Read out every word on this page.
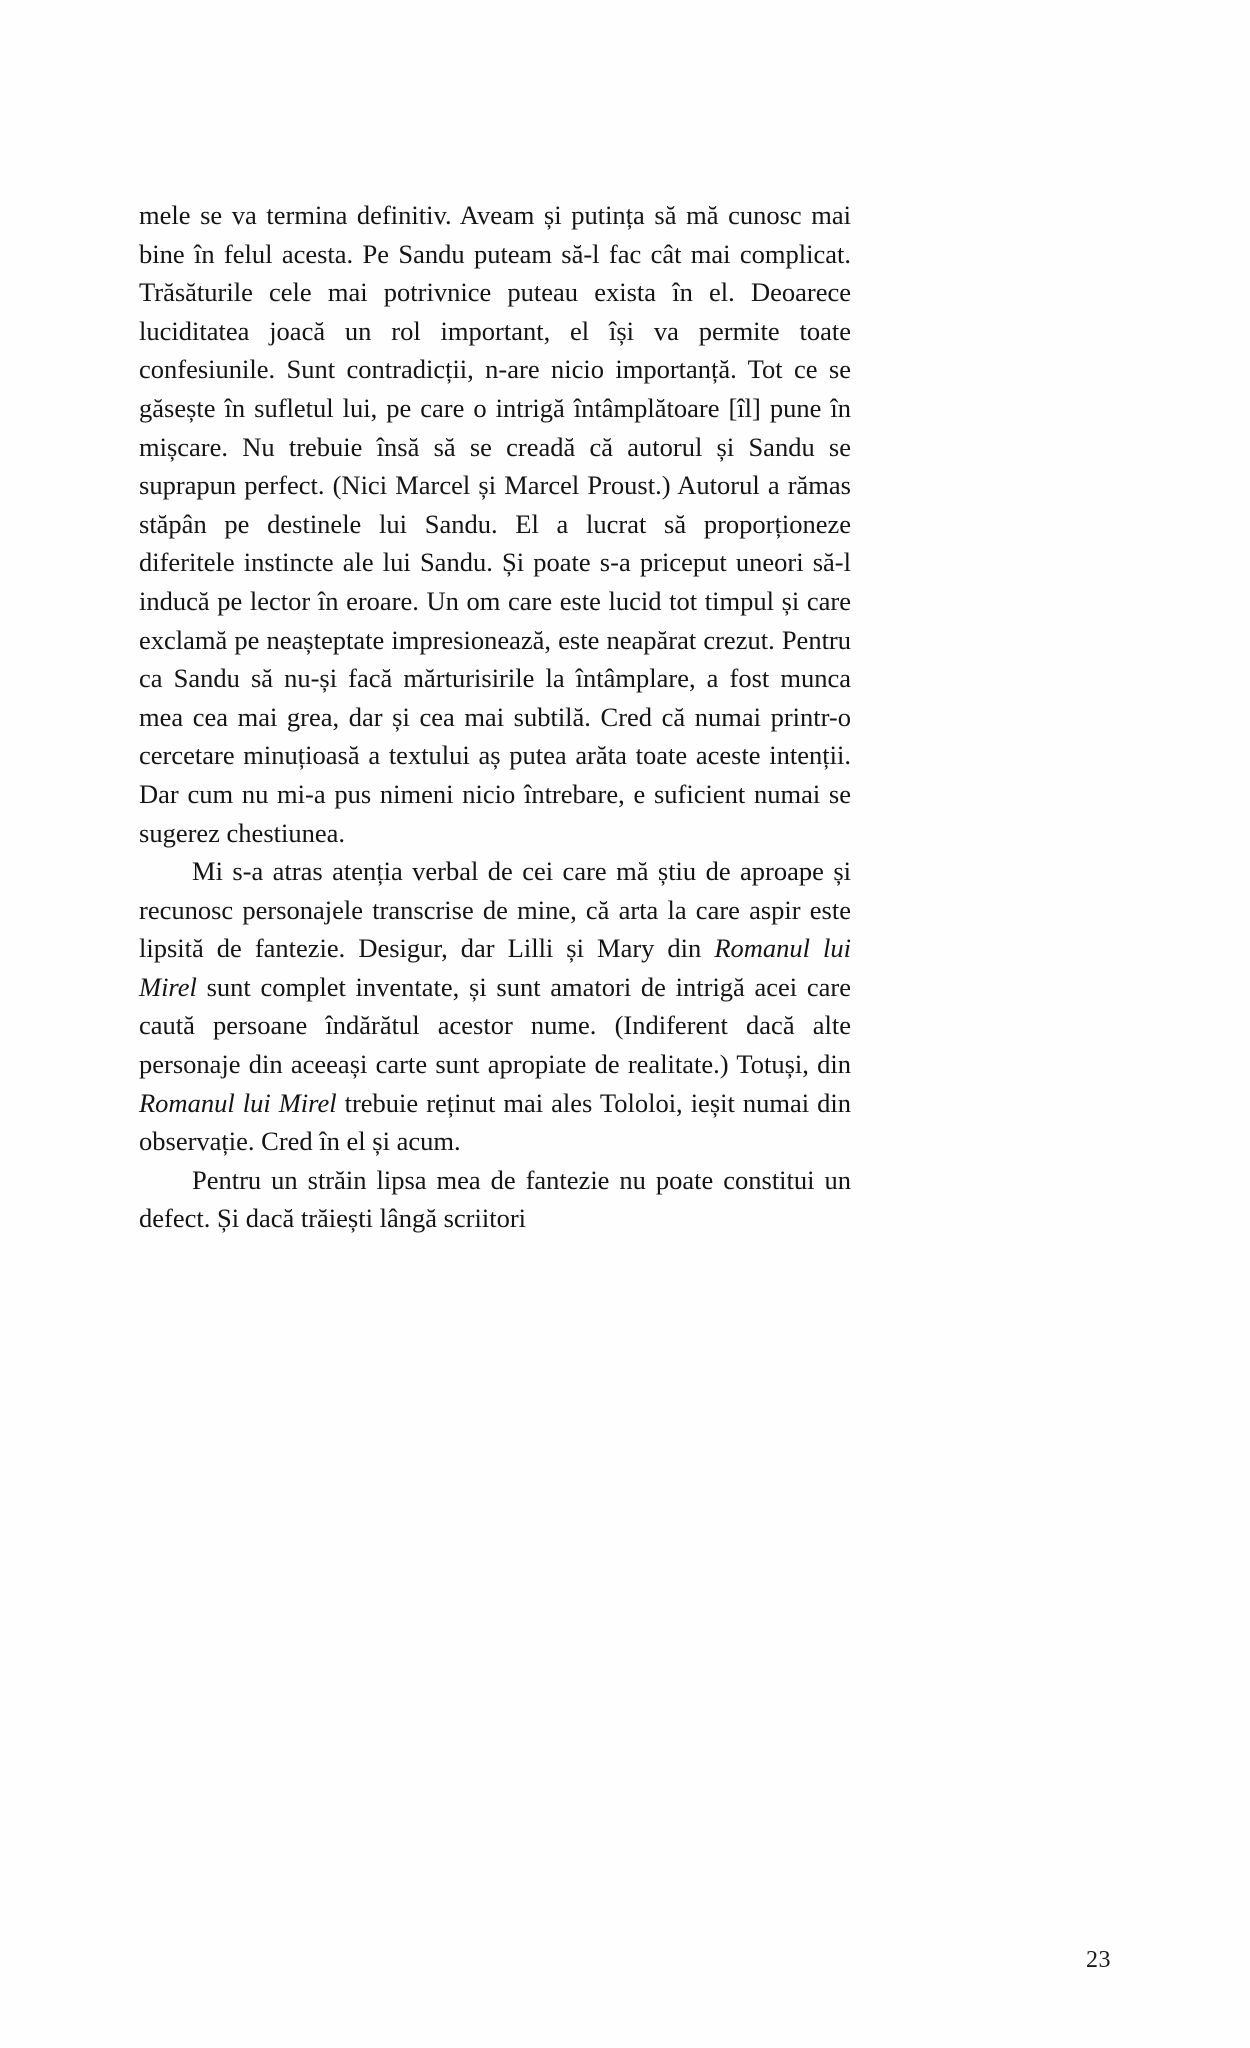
mele se va termina definitiv. Aveam și putința să mă cunosc mai bine în felul acesta. Pe Sandu puteam să-l fac cât mai complicat. Trăsăturile cele mai potrivnice puteau exista în el. Deoarece luciditatea joacă un rol important, el își va permite toate confesiunile. Sunt contradicții, n-are nicio importanță. Tot ce se găsește în sufletul lui, pe care o intrigă întâmplătoare [îl] pune în mișcare. Nu trebuie însă să se creadă că autorul și Sandu se suprapun perfect. (Nici Marcel și Marcel Proust.) Autorul a rămas stăpân pe destinele lui Sandu. El a lucrat să proporționeze diferitele instincte ale lui Sandu. Și poate s-a priceput uneori să-l inducă pe lector în eroare. Un om care este lucid tot timpul și care exclamă pe neașteptate impresionează, este neapărat crezut. Pentru ca Sandu să nu-și facă mărturisirile la întâmplare, a fost munca mea cea mai grea, dar și cea mai subtilă. Cred că numai printr-o cercetare minuțioasă a textului aș putea arăta toate aceste intenții. Dar cum nu mi-a pus nimeni nicio întrebare, e suficient numai se sugerez chestiunea.

Mi s-a atras atenția verbal de cei care mă știu de aproape și recunosc personajele transcrise de mine, că arta la care aspir este lipsită de fantezie. Desigur, dar Lilli și Mary din Romanul lui Mirel sunt complet inventate, și sunt amatori de intrigă acei care caută persoane îndărătul acestor nume. (Indiferent dacă alte personaje din aceeași carte sunt apropiate de realitate.) Totuși, din Romanul lui Mirel trebuie reținut mai ales Tololoi, ieșit numai din observație. Cred în el și acum.

Pentru un străin lipsa mea de fantezie nu poate constitui un defect. Și dacă trăiești lângă scriitori

23
